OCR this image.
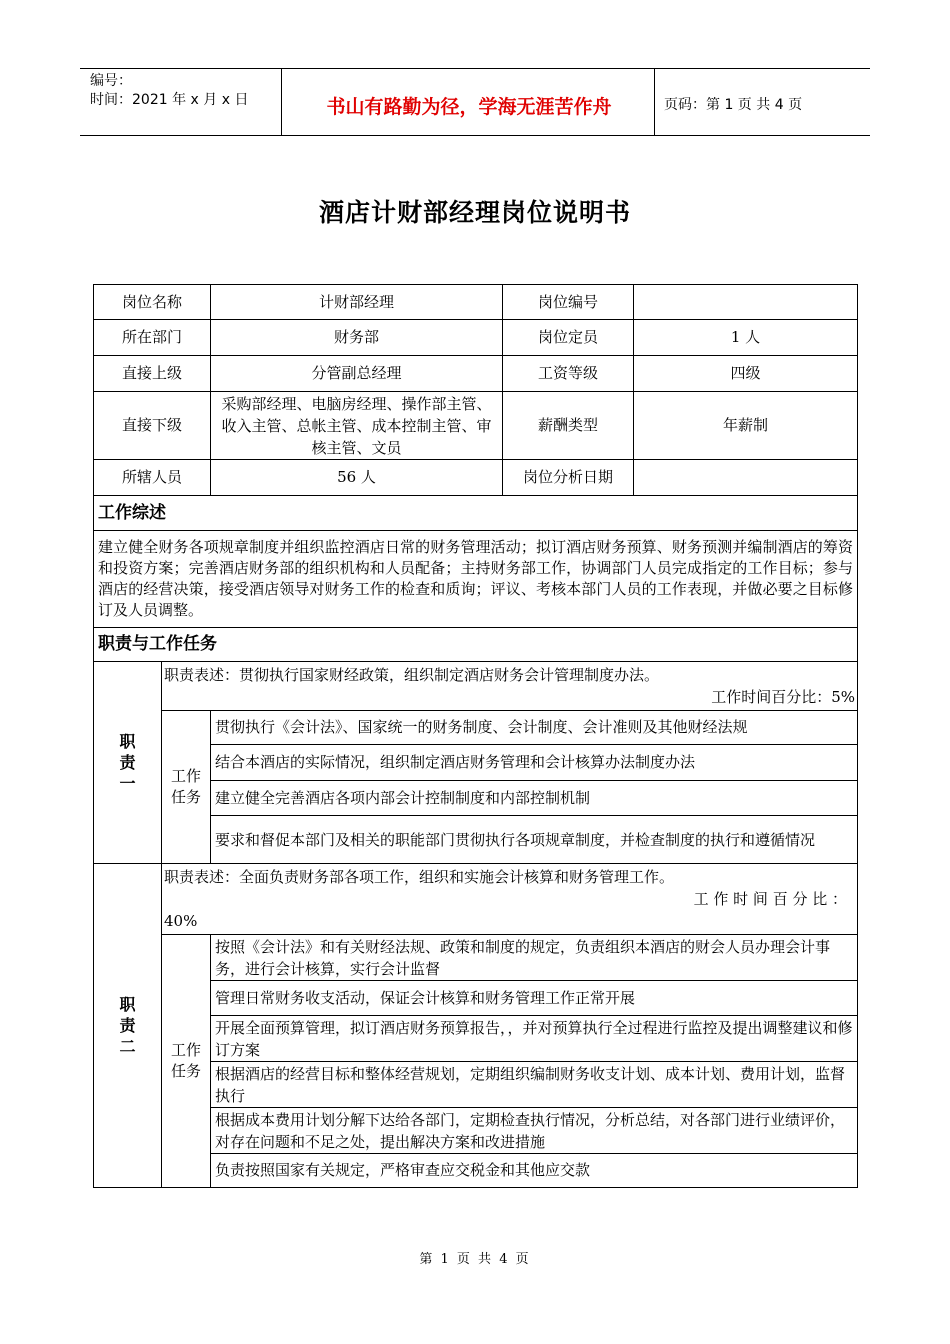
编号：
时间：2021 年 x 月 x 日	书山有路勤为径，学海无涯苦作舟	页码：第 1 页 共 4 页
酒店计财部经理岗位说明书
岗位名称		计财部经理	岗位编号	
所在部门		财务部	岗位定员	1 人
直接上级		分管副总经理	工资等级	四级
直接下级		采购部经理、电脑房经理、操作部主管、收入主管、总帐主管、成本控制主管、审核主管、文员	薪酬类型	年薪制
所辖人员		56 人	岗位分析日期	
工作综述				
建立健全财务各项规章制度并组织监控酒店日常的财务管理活动；拟订酒店财务预算、财务预测并编制酒店的筹资和投资方案；完善酒店财务部的组织机构和人员配备；主持财务部工作，协调部门人员完成指定的工作目标；参与酒店的经营决策，接受酒店领导对财务工作的检查和质询；评议、考核本部门人员的工作表现，并做必要之目标修订及人员调整。				
职责与工作任务				
职责一	职责表述：贯彻执行国家财经政策，组织制定酒店财务会计管理制度办法。
工作时间百分比：5%			

	工作任务	贯彻执行《会计法》、国家统一的财务制度、会计制度、会计准则及其他财经法规		
		结合本酒店的实际情况，组织制定酒店财务管理和会计核算办法制度办法		
		建立健全完善酒店各项内部会计控制制度和内部控制机制		
		要求和督促本部门及相关的职能部门贯彻执行各项规章制度，并检查制度的执行和遵循情况		
职责二	职责表述：全面负责财务部各项工作，组织和实施会计核算和财务管理工作。
工 作 时 间 百 分 比 ：
40%			

	工作任务	按照《会计法》和有关财经法规、政策和制度的规定，负责组织本酒店的财会人员办理会计事务，进行会计核算，实行会计监督		
		管理日常财务收支活动，保证会计核算和财务管理工作正常开展		
		开展全面预算管理，拟订酒店财务预算报告，，并对预算执行全过程进行监控及提出调整建议和修订方案		
		根据酒店的经营目标和整体经营规划，定期组织编制财务收支计划、成本计划、费用计划，监督执行		
		根据成本费用计划分解下达给各部门，定期检查执行情况，分析总结，对各部门进行业绩评价，对存在问题和不足之处，提出解决方案和改进措施		
		负责按照国家有关规定，严格审查应交税金和其他应交款		
第 1 页 共 4 页
